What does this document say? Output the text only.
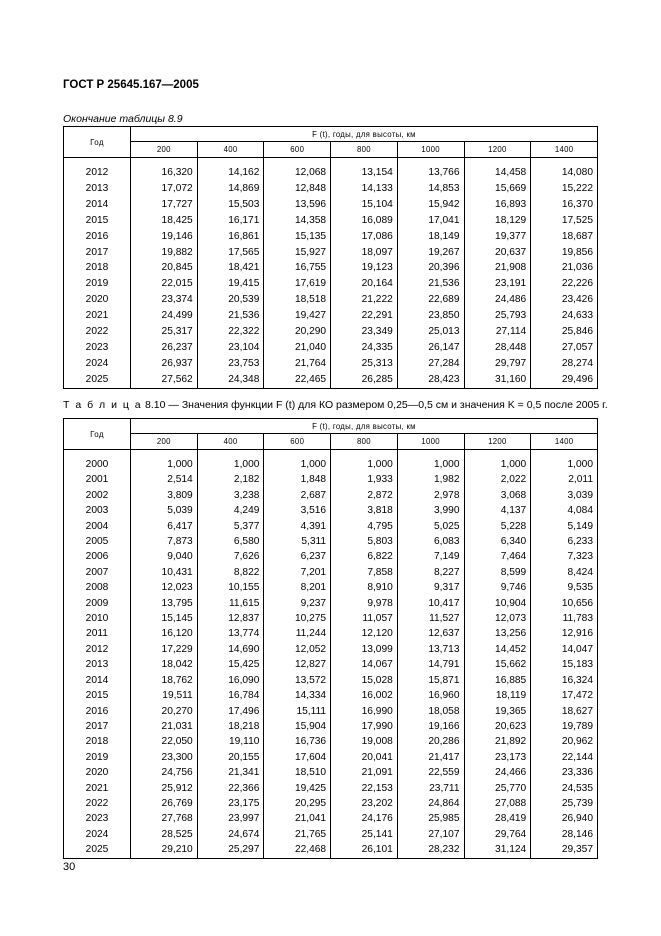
ГОСТ Р 25645.167—2005
Окончание таблицы 8.9
Год	F (t), годы, для высоты, км						
	200	400	600	800	1000	1200	1400

2012	16,320	14,162	12,068	13,154	13,766	14,458	14,080
2013	17,072	14,869	12,848	14,133	14,853	15,669	15,222
2014	17,727	15,503	13,596	15,104	15,942	16,893	16,370
2015	18,425	16,171	14,358	16,089	17,041	18,129	17,525
2016	19,146	16,861	15,135	17,086	18,149	19,377	18,687
2017	19,882	17,565	15,927	18,097	19,267	20,637	19,856
2018	20,845	18,421	16,755	19,123	20,396	21,908	21,036
2019	22,015	19,415	17,619	20,164	21,536	23,191	22,226
2020	23,374	20,539	18,518	21,222	22,689	24,486	23,426
2021	24,499	21,536	19,427	22,291	23,850	25,793	24,633
2022	25,317	22,322	20,290	23,349	25,013	27,114	25,846
2023	26,237	23,104	21,040	24,335	26,147	28,448	27,057
2024	26,937	23,753	21,764	25,313	27,284	29,797	28,274
2025	27,562	24,348	22,465	26,285	28,423	31,160	29,496
Т а б л и ц а 8.10 — Значения функции F (t) для КО размером 0,25—0,5 см и значения K = 0,5 после 2005 г.
Год	F (t), годы, для высоты, км						
	200	400	600	800	1000	1200	1400

2000	1,000	1,000	1,000	1,000	1,000	1,000	1,000
2001	2,514	2,182	1,848	1,933	1,982	2,022	2,011
2002	3,809	3,238	2,687	2,872	2,978	3,068	3,039
2003	5,039	4,249	3,516	3,818	3,990	4,137	4,084
2004	6,417	5,377	4,391	4,795	5,025	5,228	5,149
2005	7,873	6,580	5,311	5,803	6,083	6,340	6,233
2006	9,040	7,626	6,237	6,822	7,149	7,464	7,323
2007	10,431	8,822	7,201	7,858	8,227	8,599	8,424
2008	12,023	10,155	8,201	8,910	9,317	9,746	9,535
2009	13,795	11,615	9,237	9,978	10,417	10,904	10,656
2010	15,145	12,837	10,275	11,057	11,527	12,073	11,783
2011	16,120	13,774	11,244	12,120	12,637	13,256	12,916
2012	17,229	14,690	12,052	13,099	13,713	14,452	14,047
2013	18,042	15,425	12,827	14,067	14,791	15,662	15,183
2014	18,762	16,090	13,572	15,028	15,871	16,885	16,324
2015	19,511	16,784	14,334	16,002	16,960	18,119	17,472
2016	20,270	17,496	15,111	16,990	18,058	19,365	18,627
2017	21,031	18,218	15,904	17,990	19,166	20,623	19,789
2018	22,050	19,110	16,736	19,008	20,286	21,892	20,962
2019	23,300	20,155	17,604	20,041	21,417	23,173	22,144
2020	24,756	21,341	18,510	21,091	22,559	24,466	23,336
2021	25,912	22,366	19,425	22,153	23,711	25,770	24,535
2022	26,769	23,175	20,295	23,202	24,864	27,088	25,739
2023	27,768	23,997	21,041	24,176	25,985	28,419	26,940
2024	28,525	24,674	21,765	25,141	27,107	29,764	28,146
2025	29,210	25,297	22,468	26,101	28,232	31,124	29,357
30
